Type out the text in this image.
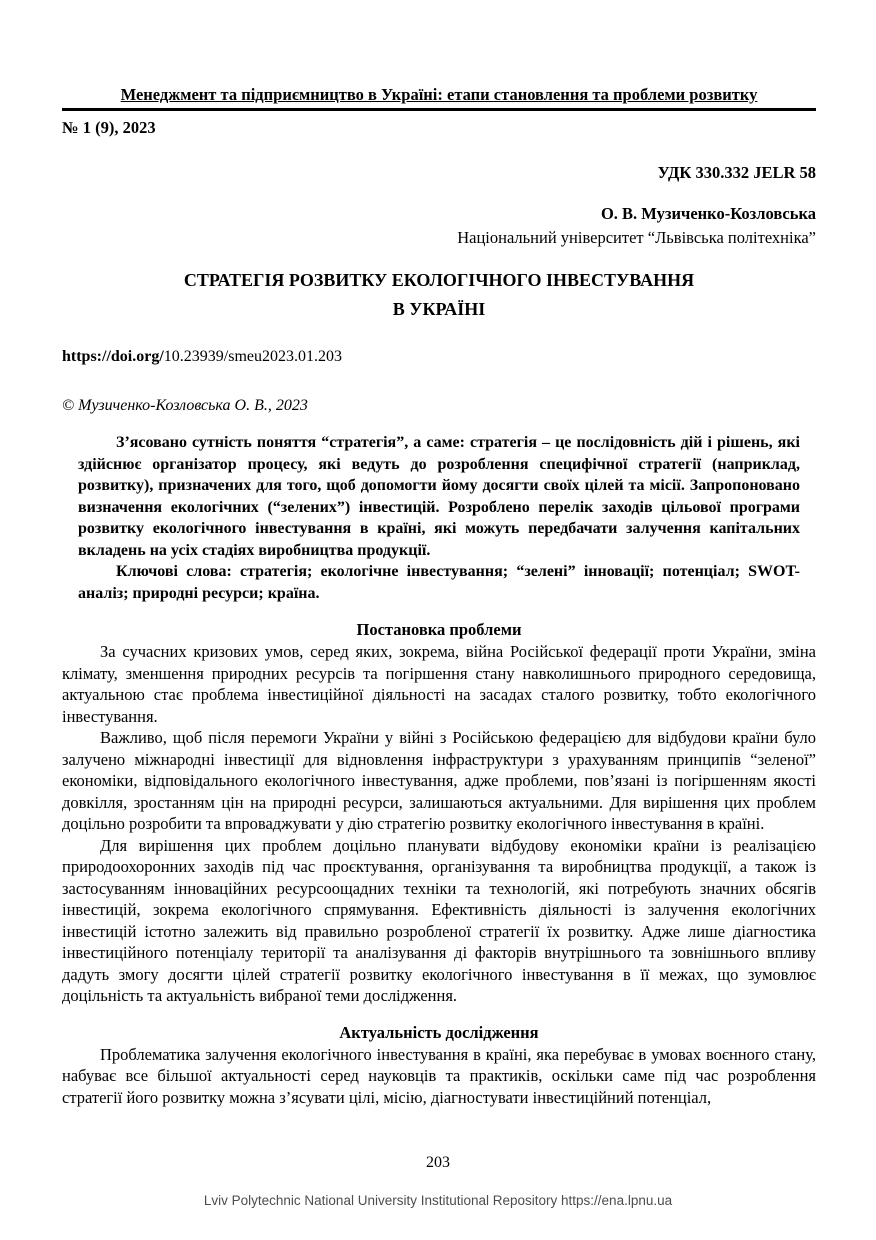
Менеджмент та підприємництво в Україні: етапи становлення та проблеми розвитку
№ 1 (9), 2023
УДК 330.332 JELR 58
О. В. Музиченко-Козловська
Національний університет “Львівська політехніка”
СТРАТЕГІЯ РОЗВИТКУ ЕКОЛОГІЧНОГО ІНВЕСТУВАННЯ
В УКРАЇНІ
https://doi.org/10.23939/smeu2023.01.203
© Музиченко-Козловська О. В., 2023

З’ясовано сутність поняття “стратегія”, а саме: стратегія – це послідовність дій і рішень, які здійснює організатор процесу, які ведуть до розроблення специфічної стратегії (наприклад, розвитку), призначених для того, щоб допомогти йому досягти своїх цілей та місії. Запропоновано визначення екологічних (“зелених”) інвестицій. Розроблено перелік заходів цільової програми розвитку екологічного інвестування в країні, які можуть передбачати залучення капітальних вкладень на усіх стадіях виробництва продукції.

Ключові слова: стратегія; екологічне інвестування; “зелені” інновації; потенціал; SWOT-аналіз; природні ресурси; країна.

Постановка проблеми

За сучасних кризових умов, серед яких, зокрема, війна Російської федерації проти України, зміна клімату, зменшення природних ресурсів та погіршення стану навколишнього природного середовища, актуальною стає проблема інвестиційної діяльності на засадах сталого розвитку, тобто екологічного інвестування.

Важливо, щоб після перемоги України у війні з Російською федерацією для відбудови країни було залучено міжнародні інвестиції для відновлення інфраструктури з урахуванням принципів “зеленої” економіки, відповідального екологічного інвестування, адже проблеми, пов’язані із погіршенням якості довкілля, зростанням цін на природні ресурси, залишаються актуальними. Для вирішення цих проблем доцільно розробити та впроваджувати у дію стратегію розвитку екологічного інвестування в країні.

Для вирішення цих проблем доцільно планувати відбудову економіки країни із реалізацією природоохоронних заходів під час проєктування, організування та виробництва продукції, а також із застосуванням інноваційних ресурсоощадних техніки та технологій, які потребують значних обсягів інвестицій, зокрема екологічного спрямування. Ефективність діяльності із залучення екологічних інвестицій істотно залежить від правильно розробленої стратегії їх розвитку. Адже лише діагностика інвестиційного потенціалу території та аналізування ді факторів внутрішнього та зовнішнього впливу дадуть змогу досягти цілей стратегії розвитку екологічного інвестування в її межах, що зумовлює доцільність та актуальність вибраної теми дослідження.

Актуальність дослідження

Проблематика залучення екологічного інвестування в країні, яка перебуває в умовах воєнного стану, набуває все більшої актуальності серед науковців та практиків, оскільки саме під час розроблення стратегії його розвитку можна з’ясувати цілі, місію, діагностувати інвестиційний потенціал,

203
Lviv Polytechnic National University Institutional Repository https://ena.lpnu.ua
